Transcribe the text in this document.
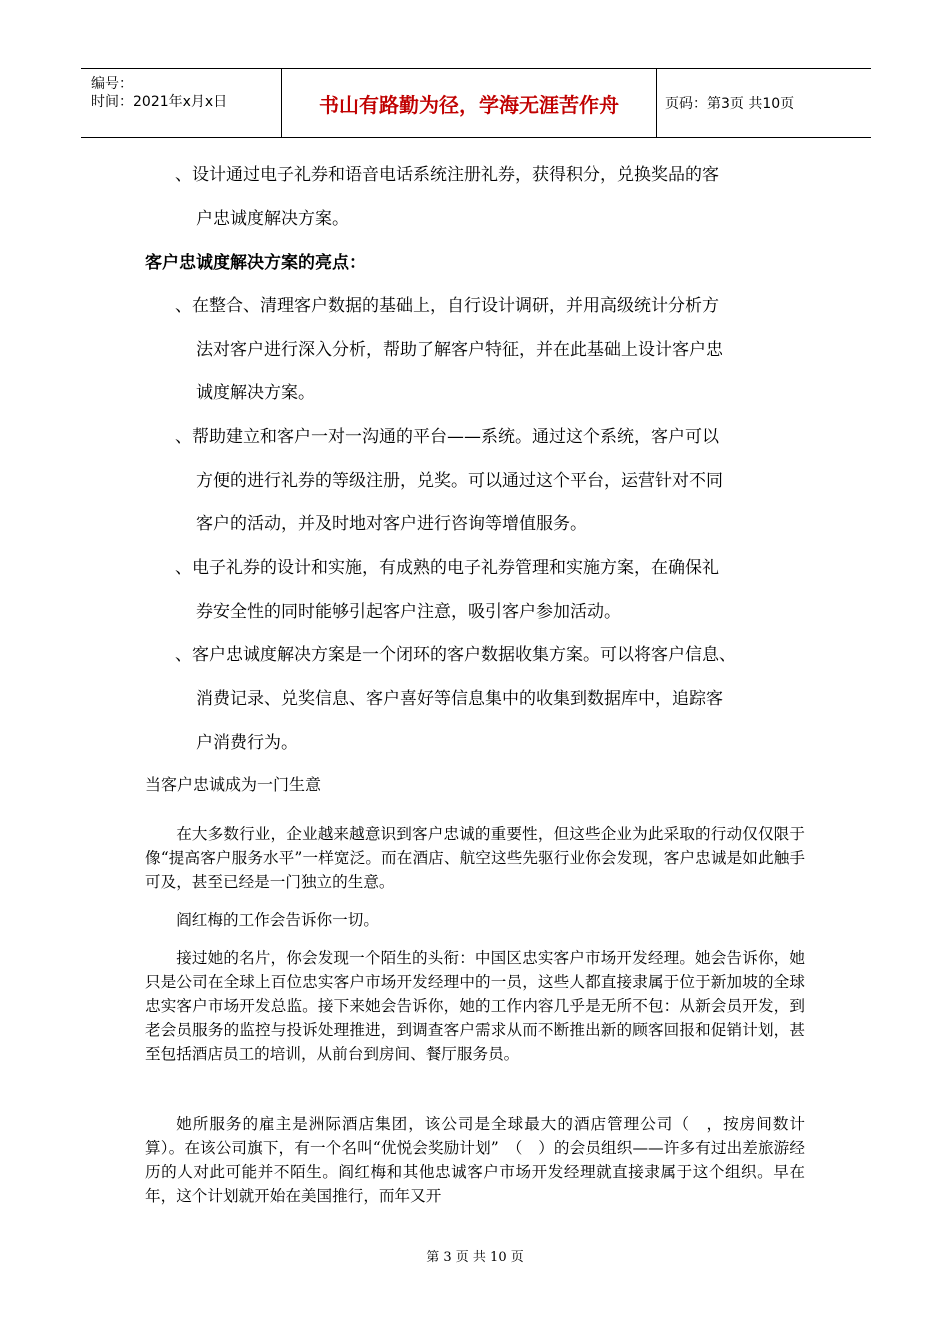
编号：
时间：2021年x月x日	书山有路勤为径，学海无涯苦作舟	页码：第3页 共10页
、设计通过电子礼券和语音电话系统注册礼券，获得积分，兑换奖品的客
户忠诚度解决方案。
客户忠诚度解决方案的亮点：
、在整合、清理客户数据的基础上，自行设计调研，并用高级统计分析方
法对客户进行深入分析，帮助了解客户特征，并在此基础上设计客户忠
诚度解决方案。
、帮助建立和客户一对一沟通的平台——系统。通过这个系统，客户可以
方便的进行礼券的等级注册，兑奖。可以通过这个平台，运营针对不同
客户的活动，并及时地对客户进行咨询等增值服务。
、电子礼券的设计和实施，有成熟的电子礼券管理和实施方案，在确保礼
券安全性的同时能够引起客户注意，吸引客户参加活动。
、客户忠诚度解决方案是一个闭环的客户数据收集方案。可以将客户信息、
消费记录、兑奖信息、客户喜好等信息集中的收集到数据库中，追踪客
户消费行为。
当客户忠诚成为一门生意

在大多数行业，企业越来越意识到客户忠诚的重要性，但这些企业为此采取的行动仅仅限于像“提高客户服务水平”一样宽泛。而在酒店、航空这些先驱行业你会发现，客户忠诚是如此触手可及，甚至已经是一门独立的生意。

阎红梅的工作会告诉你一切。

接过她的名片，你会发现一个陌生的头衔：中国区忠实客户市场开发经理。她会告诉你，她只是公司在全球上百位忠实客户市场开发经理中的一员，这些人都直接隶属于位于新加坡的全球忠实客户市场开发总监。接下来她会告诉你，她的工作内容几乎是无所不包：从新会员开发，到老会员服务的监控与投诉处理推进，到调查客户需求从而不断推出新的顾客回报和促销计划，甚至包括酒店员工的培训，从前台到房间、餐厅服务员。

她所服务的雇主是洲际酒店集团，该公司是全球最大的酒店管理公司（　，按房间数计算）。在该公司旗下，有一个名叫“优悦会奖励计划”　（　）的会员组织——许多有过出差旅游经历的人对此可能并不陌生。阎红梅和其他忠诚客户市场开发经理就直接隶属于这个组织。早在年，这个计划就开始在美国推行，而年又开

第 3 页 共 10 页
